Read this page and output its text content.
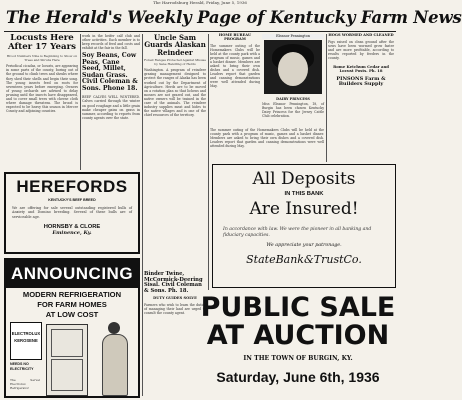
The Harrodsburg Herald, Friday, June 5, 1936
The Herald's Weekly Page of Kentucky Farm News
Locusts Here After 17 Years
Brood Numbers Nine is Beginning to Show on Trees and Shrubs Here
Periodical cicadas, or locusts, are appearing in some parts of the county, boring out of the ground to climb trees and shrubs where they shed their shells and begin their song. The young insects feed on roots for seventeen years before emerging. Owners of young orchards are advised to delay pruning until the insects have disappeared, and to cover small trees with cheese cloth where damage threatens. The brood is expected to be heavy this season in Mercer County and adjoining counties.
work in the heifer calf club and other activities. Each member is to keep records of feed and costs and exhibit at the fair in the fall.
Soy Beans, Cow Peas, Cane Seed, Millet, Sudan Grass. Civil Coleman & Sons. Phone 18.
BEEF CALVES WELL WINTERED. Calves carried through the winter on good roughage and a little grain make cheaper gains on grass in summer, according to reports from county agents over the state.
Uncle Sam Guards Alaskan Reindeer
Forest Ranges Protected Against Misuse by Sane Handling of Herds
Washington. A program of reindeer grazing management designed to protect the ranges of Alaska has been worked out by the Department of Agriculture. Herds are to be moved on a rotation plan so that lichens and mosses are not grazed out, and the native owners will be trained in the care of the animals. The reindeer industry supplies meat and hides to the native villages and is one of the chief resources of the territory.
Binder Twine, McCormick-Deering Sisal. Civil Coleman & Sons. Ph. 18.
DUTY GUIDES SOLVE
Farmers who wish to learn the duties of managing their land are urged to consult the county agent.
HOME BUREAU PROGRAM
The summer outing of the Homemakers Clubs will be held at the county park with a program of music, games and a basket dinner. Members are asked to bring their own dishes and a covered dish. Leaders report that garden and canning demonstrations were well attended during May.
Eleanor Pennington
DAIRY PRINCESS
Miss Eleanor Pennington, 18, of Burgin has been chosen Kentucky Dairy Princess for the Jersey Cattle Club celebration.
HOGS WORMED AND CLEANED
Pigs raised on clean ground after the sows have been wormed grow faster and are more profitable, according to results reported by feeders in the county.
Rome Ketchum Cedar and Locust Posts. Ph. 18
PINSONS Farm & Builders Supply
The summer outing of the Homemakers Clubs will be held at the county park with a program of music, games and a basket dinner. Members are asked to bring their own dishes and a covered dish. Leaders report that garden and canning demonstrations were well attended during May.
HEREFORDS
KENTUCKY'S BEEF BREED
We are offering for sale several outstanding registered bulls of Anxiety and Domino breeding. Several of these bulls are of serviceable age.
HORNSBY & CLORE
Eminence, Ky.
ANNOUNCING
MODERN REFRIGERATION
FOR FARM HOMES
AT LOW COST
ELECTROLUX
KEROSENE
NEEDS NO ELECTRICITY
The Servel Electrolux Refrigerator
All Deposits
IN THIS BANK
Are Insured!
In accordance with law. We were the pioneer in all banking and fiduciary capacities.
We appreciate your patronage.
StateBank&TrustCo.
PUBLIC SALE
AT AUCTION
IN THE TOWN OF BURGIN, KY.
Saturday, June 6th, 1936
